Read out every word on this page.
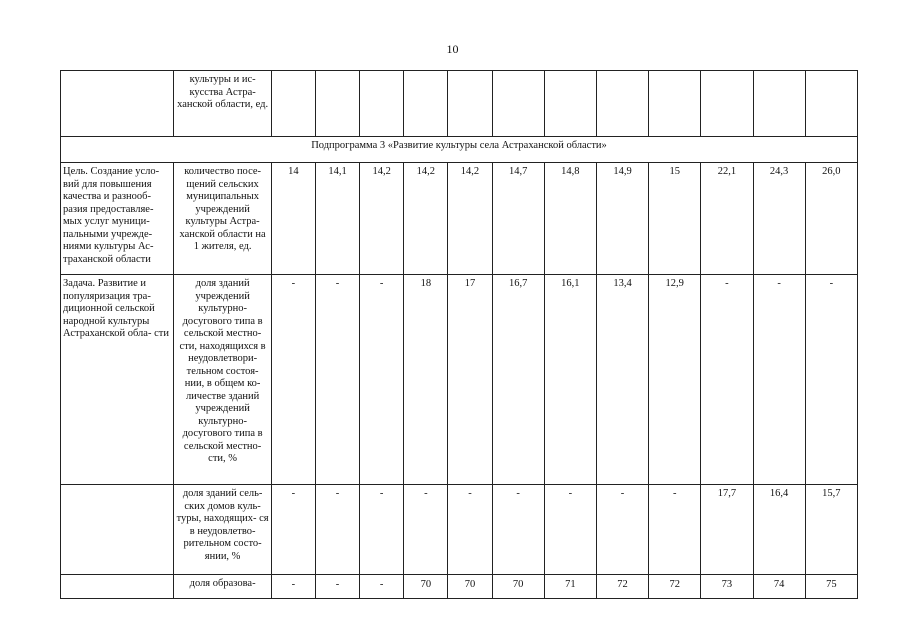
10
	культуры и ис- кусства Астра- ханской области, ед.												
Подпрограмма 3 «Развитие культуры села Астраханской области»													
Цель. Создание усло- вий для повышения качества и разнооб- разия предоставляе- мых услуг муници- пальными учрежде- ниями культуры Ас- траханской области	количество посе- щений сельских муниципальных учреждений культуры Астра- ханской области на 1 жителя, ед.	14	14,1	14,2	14,2	14,2	14,7	14,8	14,9	15	22,1	24,3	26,0
Задача. Развитие и популяризация тра- диционной сельской народной культуры Астраханской обла- сти	доля зданий учреждений культурно- досугового типа в сельской местно- сти, находящихся в неудовлетвори- тельном состоя- нии, в общем ко- личестве зданий учреждений культурно- досугового типа в сельской местно- сти, %	-	-	-	18	17	16,7	16,1	13,4	12,9	-	-	-
	доля зданий сель- ских домов куль- туры, находящих- ся в неудовлетво- рительном состо- янии, %	-	-	-	-	-	-	-	-	-	17,7	16,4	15,7
	доля образова-	-	-	-	70	70	70	71	72	72	73	74	75
